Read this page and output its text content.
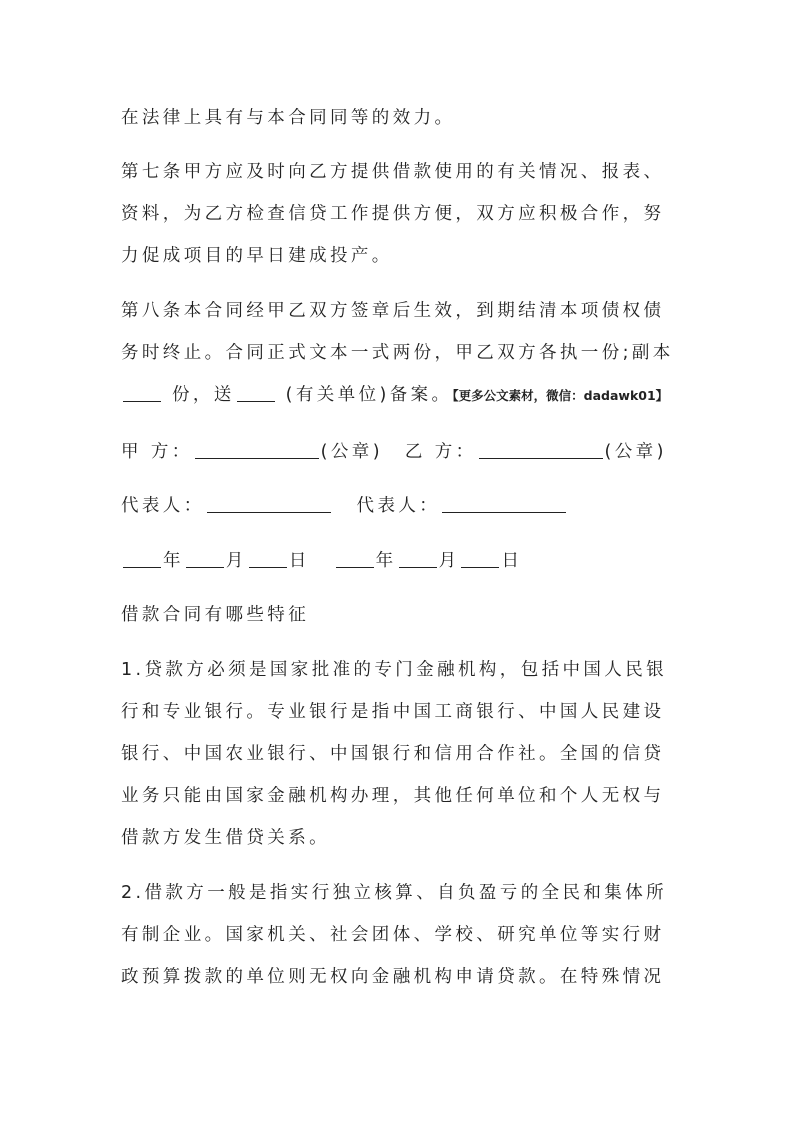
在法律上具有与本合同同等的效力。
第七条甲方应及时向乙方提供借款使用的有关情况、报表、
资料，为乙方检查信贷工作提供方便，双方应积极合作，努
力促成项目的早日建成投产。
第八条本合同经甲乙双方签章后生效，到期结清本项债权债
务时终止。合同正式文本一式两份，甲乙双方各执一份;副本
份，送	(有关单位)备案。【更多公文素材，微信：dadawk01】
甲 方：	(公章) 乙 方：	(公章)
代表人：	代表人：
年 月 日	年 月 日
借款合同有哪些特征
1.贷款方必须是国家批准的专门金融机构，包括中国人民银
行和专业银行。专业银行是指中国工商银行、中国人民建设
银行、中国农业银行、中国银行和信用合作社。全国的信贷
业务只能由国家金融机构办理，其他任何单位和个人无权与
借款方发生借贷关系。
2.借款方一般是指实行独立核算、自负盈亏的全民和集体所
有制企业。国家机关、社会团体、学校、研究单位等实行财
政预算拨款的单位则无权向金融机构申请贷款。在特殊情况
